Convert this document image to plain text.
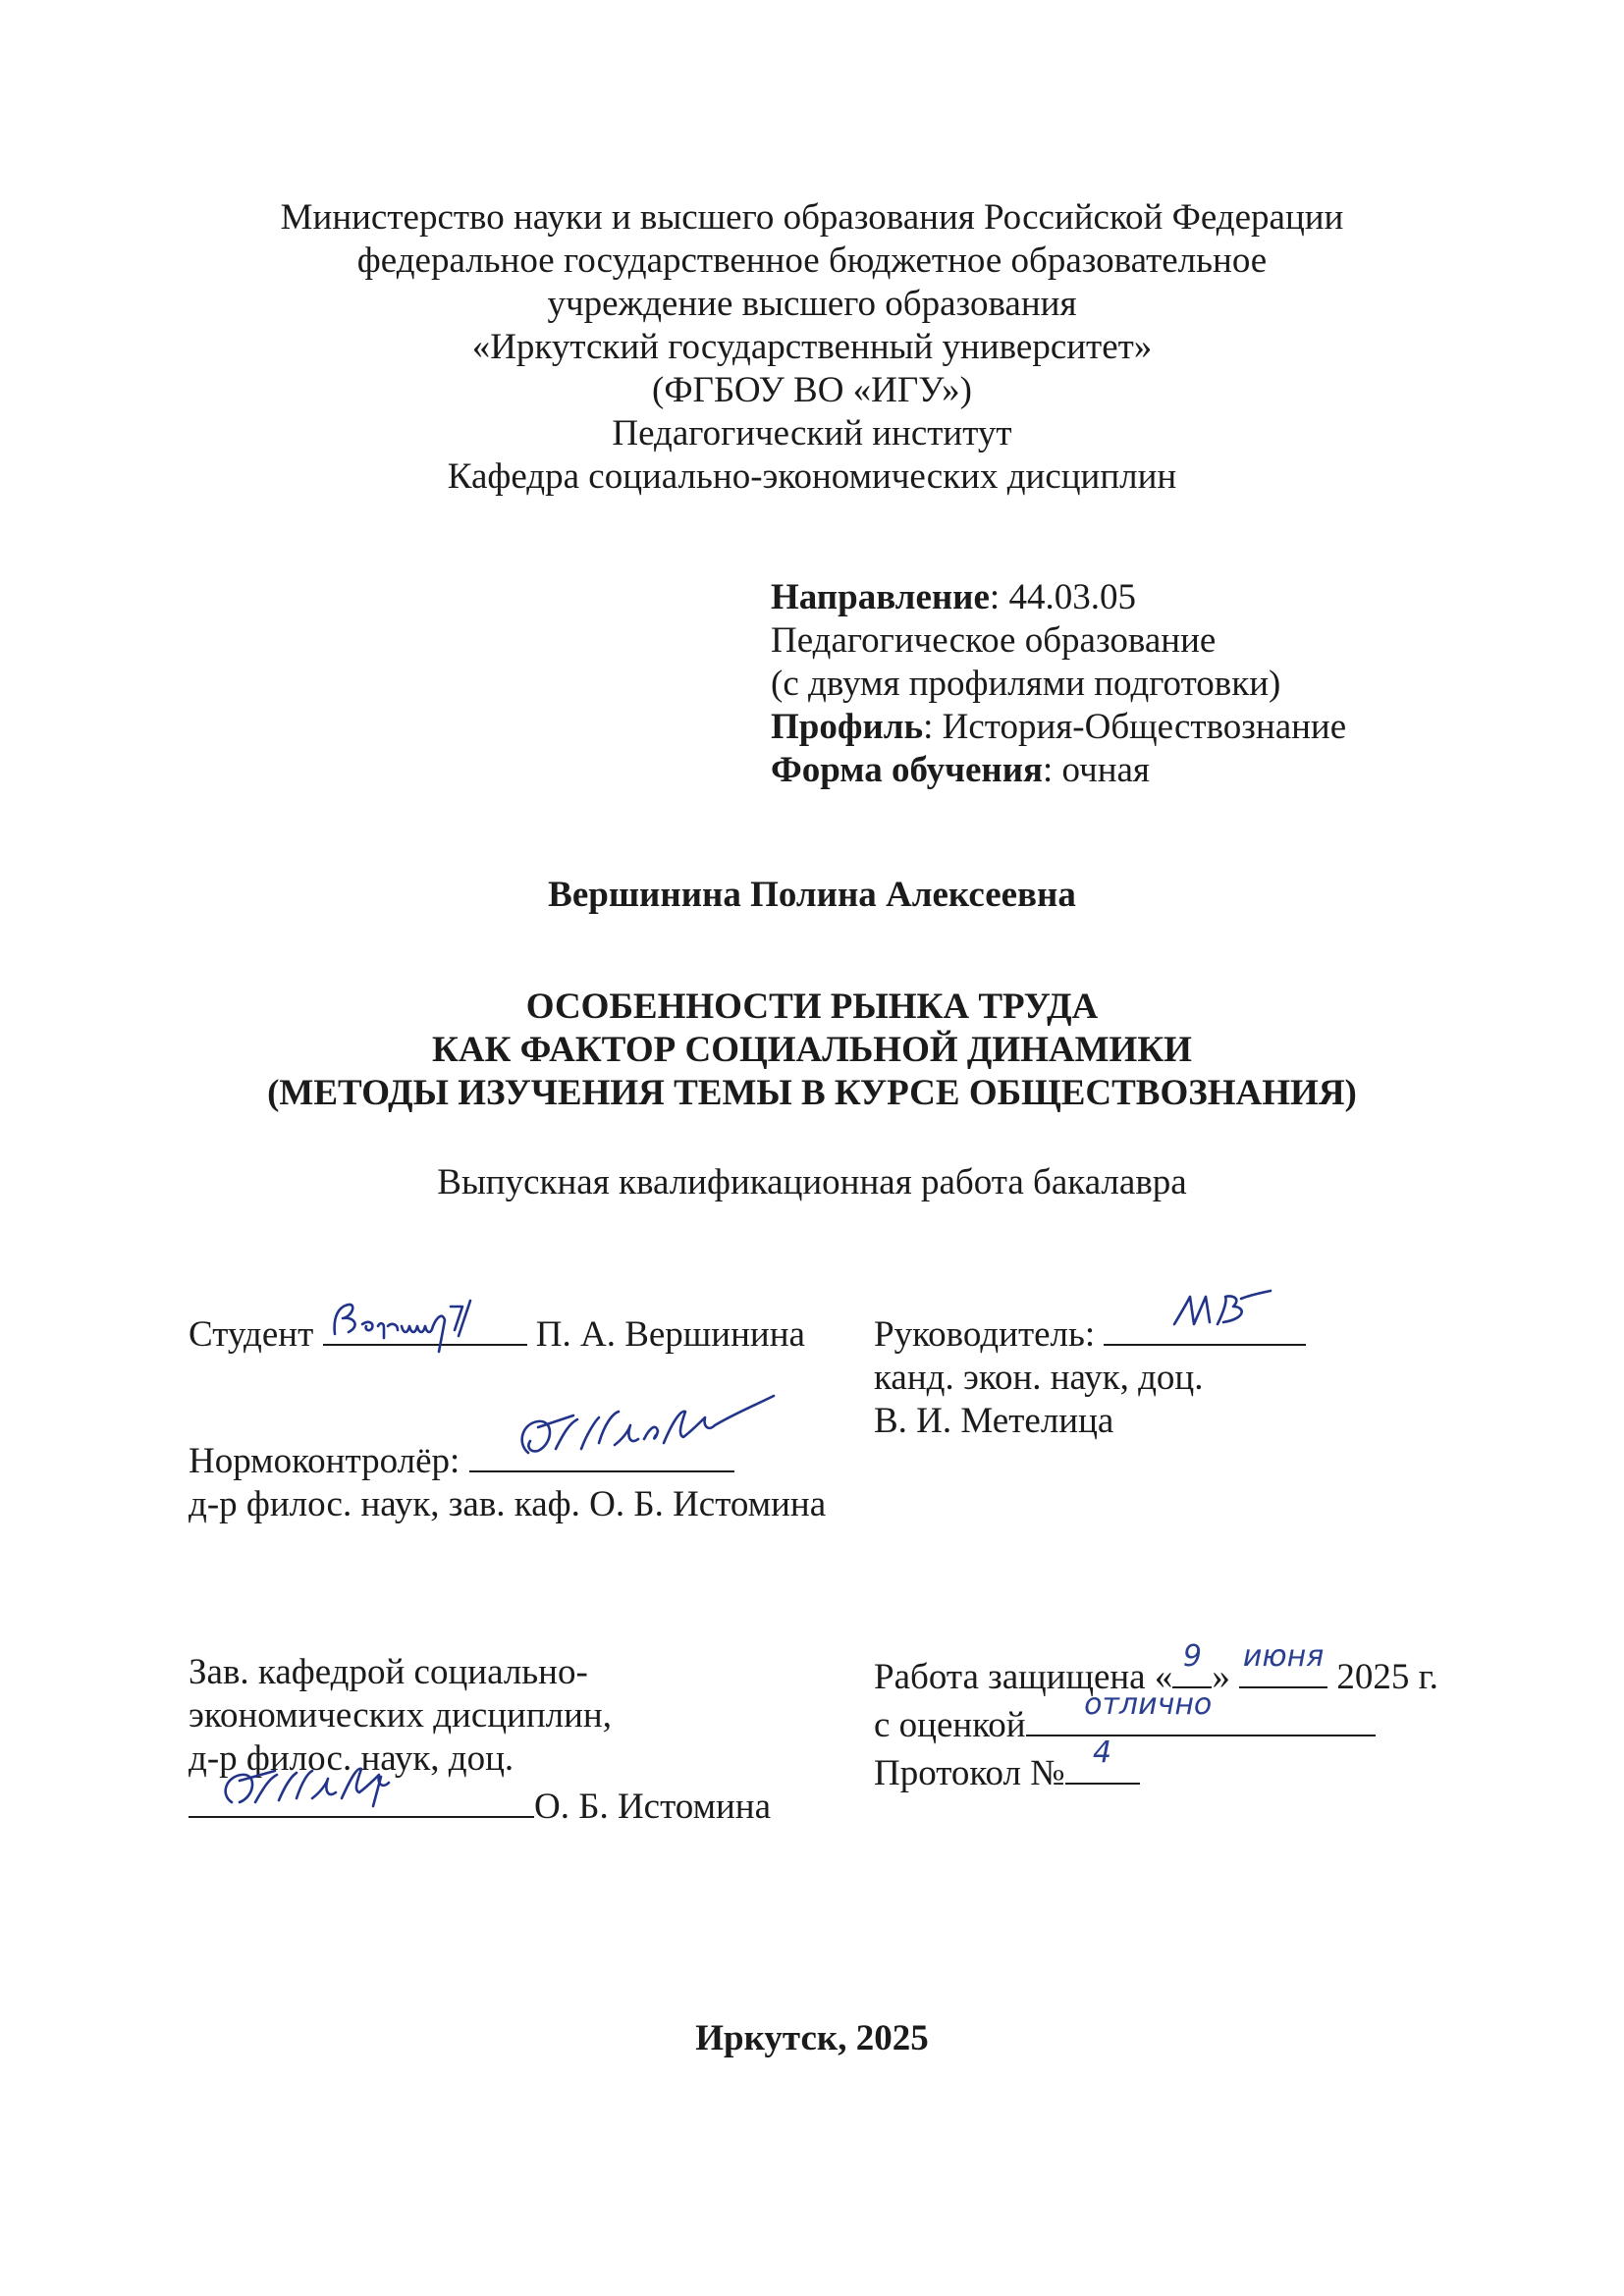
Министерство науки и высшего образования Российской Федерации
федеральное государственное бюджетное образовательное
учреждение высшего образования
«Иркутский государственный университет»
(ФГБОУ ВО «ИГУ»)
Педагогический институт
Кафедра социально-экономических дисциплин
Направление: 44.03.05
Педагогическое образование
(с двумя профилями подготовки)
Профиль: История-Обществознание
Форма обучения: очная
Вершинина Полина Алексеевна
ОСОБЕННОСТИ РЫНКА ТРУДА
КАК ФАКТОР СОЦИАЛЬНОЙ ДИНАМИКИ
(МЕТОДЫ ИЗУЧЕНИЯ ТЕМЫ В КУРСЕ ОБЩЕСТВОЗНАНИЯ)
Выпускная квалификационная работа бакалавра
Студент	П. А. Вершинина Руководитель:
канд. экон. наук, доц.
В. И. Метелица
Нормоконтролёр:
д-р филос. наук, зав. каф. О. Б. Истомина
Зав. кафедрой социально-
экономических дисциплин,
д-р филос. наук, доц.
О. Б. Истомина
Работа защищена «
9
»
июня
2025 г.
с оценкой
отлично
Протокол №
4
Иркутск, 2025
